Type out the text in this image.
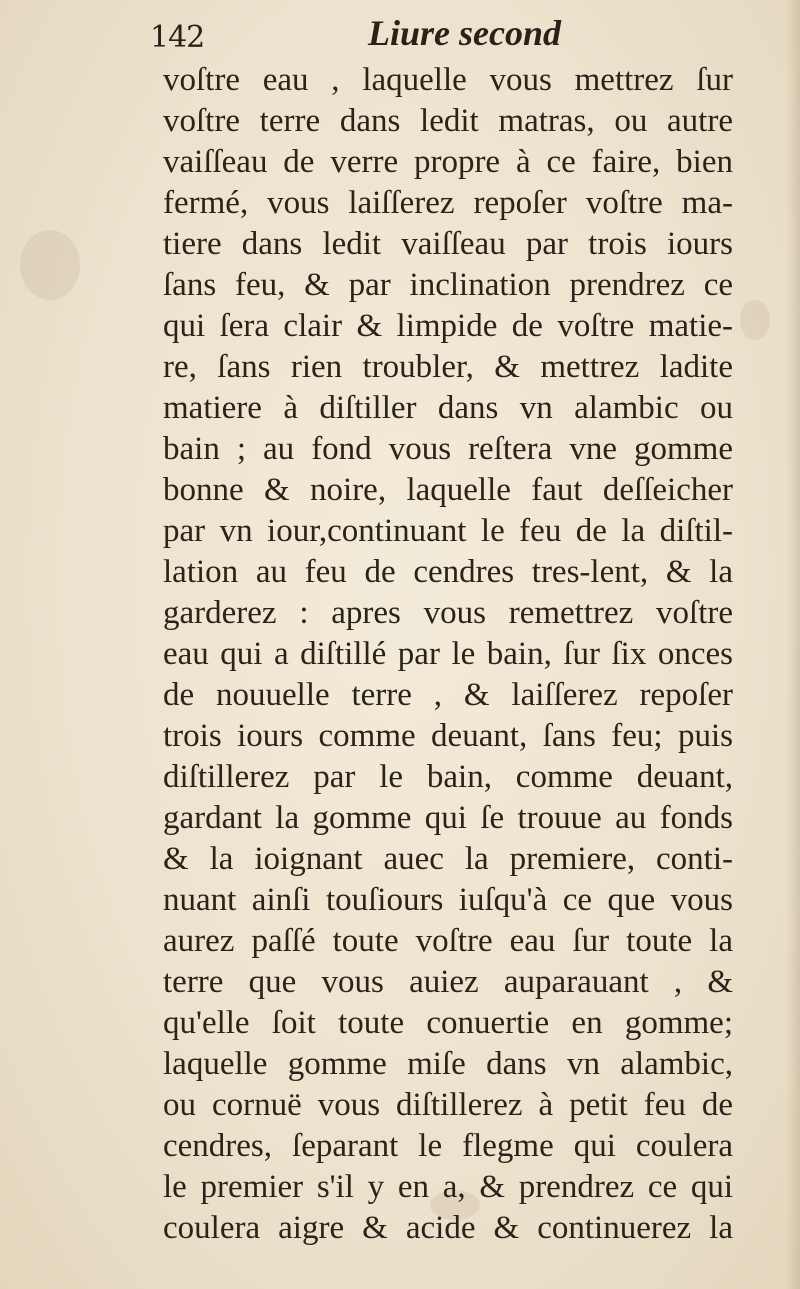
142	Liure second
voſtre eau , laquelle vous mettrez ſur
voſtre terre dans ledit matras, ou autre
vaiſſeau de verre propre à ce faire, bien
fermé, vous laiſſerez repoſer voſtre ma-
tiere dans ledit vaiſſeau par trois iours
ſans feu, & par inclination prendrez ce
qui ſera clair & limpide de voſtre matie-
re, ſans rien troubler, & mettrez ladite
matiere à diſtiller dans vn alambic ou
bain ; au fond vous reſtera vne gomme
bonne & noire, laquelle faut deſſeicher
par vn iour,continuant le feu de la diſtil-
lation au feu de cendres tres-lent, & la
garderez : apres vous remettrez voſtre
eau qui a diſtillé par le bain, ſur ſix onces
de nouuelle terre , & laiſſerez repoſer
trois iours comme deuant, ſans feu; puis
diſtillerez par le bain, comme deuant,
gardant la gomme qui ſe trouue au fonds
& la ioignant auec la premiere, conti-
nuant ainſi touſiours iuſqu'à ce que vous
aurez paſſé toute voſtre eau ſur toute la
terre que vous auiez auparauant , &
qu'elle ſoit toute conuertie en gomme;
laquelle gomme miſe dans vn alambic,
ou cornuë vous diſtillerez à petit feu de
cendres, ſeparant le flegme qui coulera
le premier s'il y en a, & prendrez ce qui
coulera aigre & acide & continuerez la
